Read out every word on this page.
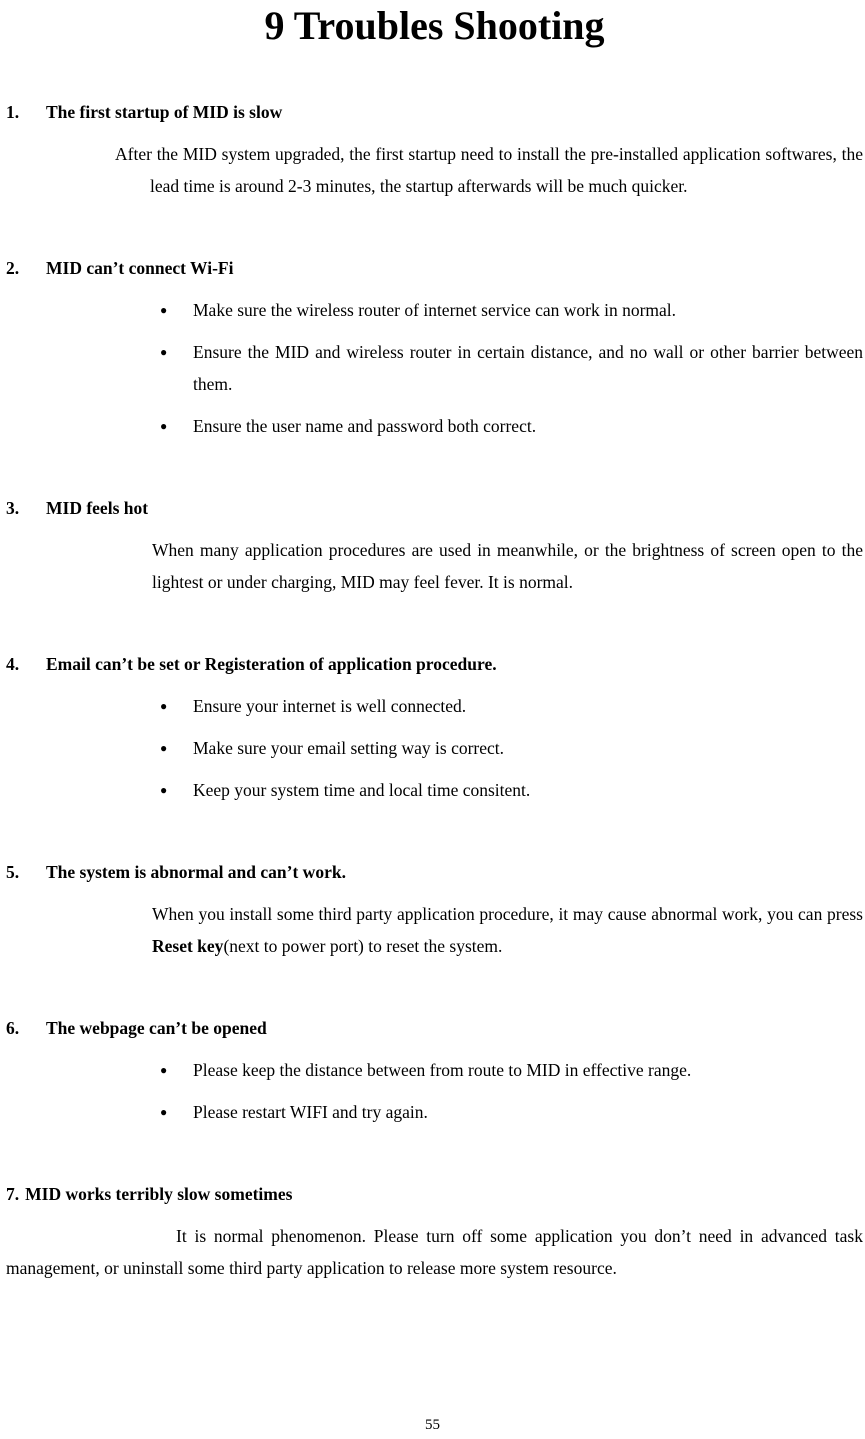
9 Troubles Shooting
1. The first startup of MID is slow
After the MID system upgraded, the first startup need to install the pre-installed application softwares, the lead time is around 2-3 minutes, the startup afterwards will be much quicker.
2. MID can’t connect Wi-Fi
●	Make sure the wireless router of internet service can work in normal.
●	Ensure the MID and wireless router in certain distance, and no wall or other barrier between them.
●	Ensure the user name and password both correct.
3. MID feels hot
When many application procedures are used in meanwhile, or the brightness of screen open to the lightest or under charging, MID may feel fever. It is normal.
4. Email can’t be set or Registeration of application procedure.
●	Ensure your internet is well connected.
●	Make sure your email setting way is correct.
●	Keep your system time and local time consitent.
5. The system is abnormal and can’t work.
When you install some third party application procedure, it may cause abnormal work, you can press Reset key(next to power port) to reset the system.
6. The webpage can’t be opened
●	Please keep the distance between from route to MID in effective range.
●	Please restart WIFI and try again.
7. MID works terribly slow sometimes
It is normal phenomenon. Please turn off some application you don’t need in advanced task management, or uninstall some third party application to release more system resource.
55
